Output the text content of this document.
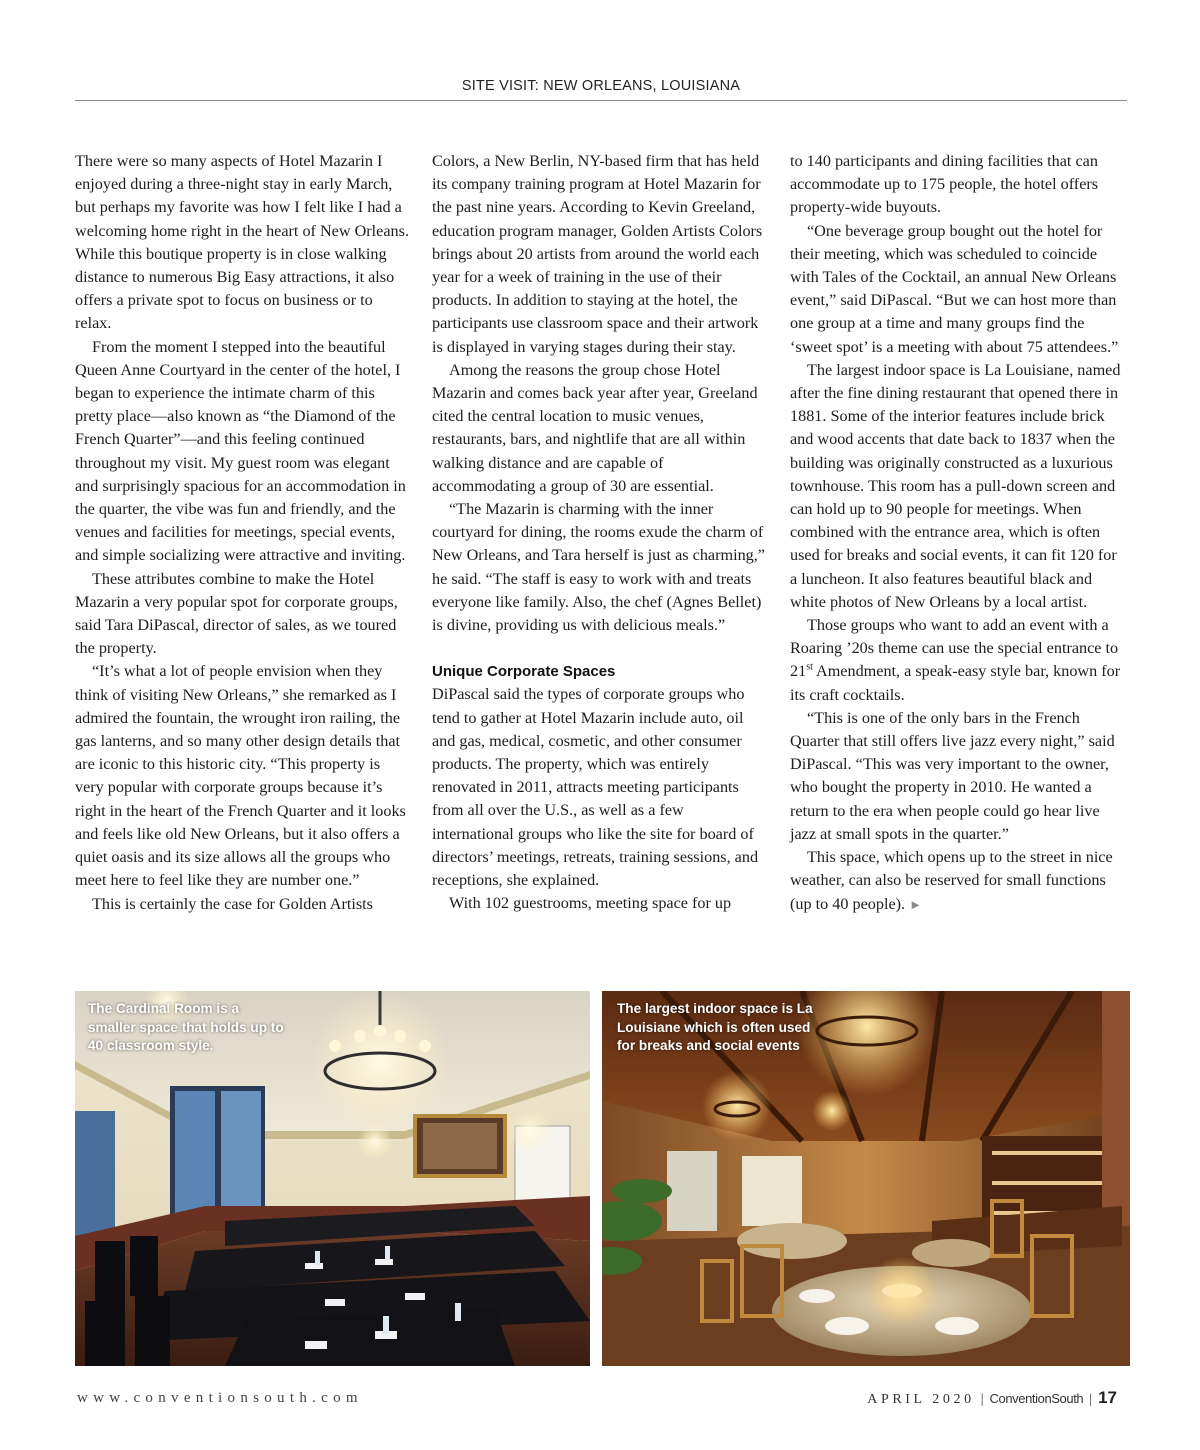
SITE VISIT: NEW ORLEANS, LOUISIANA

There were so many aspects of Hotel Mazarin I enjoyed during a three-night stay in early March, but perhaps my favorite was how I felt like I had a welcoming home right in the heart of New Orleans. While this boutique property is in close walking distance to numerous Big Easy attractions, it also offers a private spot to focus on business or to relax.

From the moment I stepped into the beautiful Queen Anne Courtyard in the center of the hotel, I began to experience the intimate charm of this pretty place—also known as “the Diamond of the French Quarter”—and this feeling continued throughout my visit. My guest room was elegant and surprisingly spacious for an accommodation in the quarter, the vibe was fun and friendly, and the venues and facilities for meetings, special events, and simple socializing were attractive and inviting.

These attributes combine to make the Hotel Mazarin a very popular spot for corporate groups, said Tara DiPascal, director of sales, as we toured the property.

“It’s what a lot of people envision when they think of visiting New Orleans,” she remarked as I admired the fountain, the wrought iron railing, the gas lanterns, and so many other design details that are iconic to this historic city. “This property is very popular with corporate groups because it’s right in the heart of the French Quarter and it looks and feels like old New Orleans, but it also offers a quiet oasis and its size allows all the groups who meet here to feel like they are number one.”

This is certainly the case for Golden Artists

Colors, a New Berlin, NY-based firm that has held its company training program at Hotel Mazarin for the past nine years. According to Kevin Greeland, education program manager, Golden Artists Colors brings about 20 artists from around the world each year for a week of training in the use of their products. In addition to staying at the hotel, the participants use classroom space and their artwork is displayed in varying stages during their stay.

Among the reasons the group chose Hotel Mazarin and comes back year after year, Greeland cited the central location to music venues, restaurants, bars, and nightlife that are all within walking distance and are capable of accommodating a group of 30 are essential.

“The Mazarin is charming with the inner courtyard for dining, the rooms exude the charm of New Orleans, and Tara herself is just as charming,” he said. “The staff is easy to work with and treats everyone like family. Also, the chef (Agnes Bellet) is divine, providing us with delicious meals.”

Unique Corporate Spaces

DiPascal said the types of corporate groups who tend to gather at Hotel Mazarin include auto, oil and gas, medical, cosmetic, and other consumer products. The property, which was entirely renovated in 2011, attracts meeting participants from all over the U.S., as well as a few international groups who like the site for board of directors’ meetings, retreats, training sessions, and receptions, she explained.

With 102 guestrooms, meeting space for up

to 140 participants and dining facilities that can accommodate up to 175 people, the hotel offers property-wide buyouts.

“One beverage group bought out the hotel for their meeting, which was scheduled to coincide with Tales of the Cocktail, an annual New Orleans event,” said DiPascal. “But we can host more than one group at a time and many groups find the ‘sweet spot’ is a meeting with about 75 attendees.”

The largest indoor space is La Louisiane, named after the fine dining restaurant that opened there in 1881. Some of the interior features include brick and wood accents that date back to 1837 when the building was originally constructed as a luxurious townhouse. This room has a pull-down screen and can hold up to 90 people for meetings. When combined with the entrance area, which is often used for breaks and social events, it can fit 120 for a luncheon. It also features beautiful black and white photos of New Orleans by a local artist.

Those groups who want to add an event with a Roaring ’20s theme can use the special entrance to 21st Amendment, a speak-easy style bar, known for its craft cocktails.

“This is one of the only bars in the French Quarter that still offers live jazz every night,” said DiPascal. “This was very important to the owner, who bought the property in 2010. He wanted a return to the era when people could go hear live jazz at small spots in the quarter.”

This space, which opens up to the street in nice weather, can also be reserved for small functions (up to 40 people). ►

The Cardinal Room is a smaller space that holds up to 40 classroom style.
The largest indoor space is La Louisiane which is often used for breaks and social events
www.conventionsouth.com	APRIL 2020 | ConventionSouth | 17
